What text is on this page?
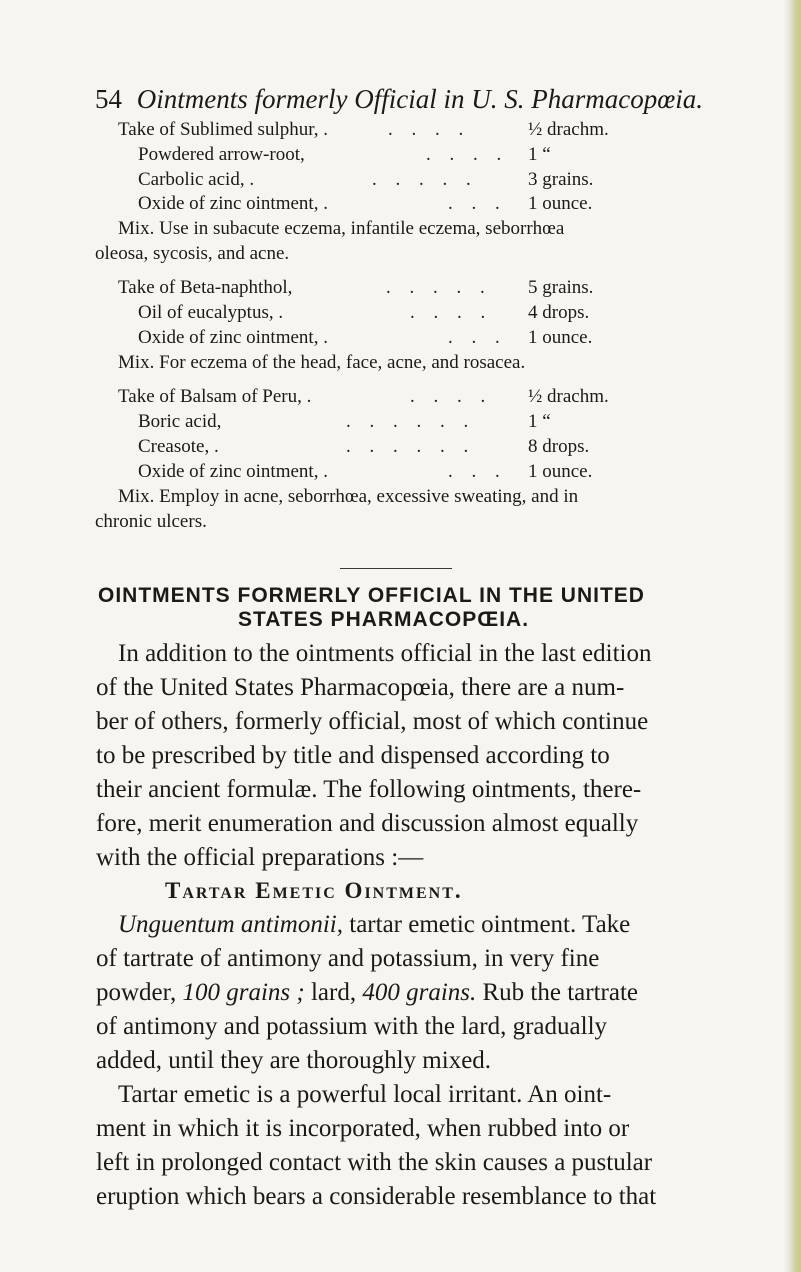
54 Ointments formerly Official in U. S. Pharmacopœia.
Take of Sublimed sulphur, .	. . . .	½ drachm.
Powdered arrow-root,	. . . . 1 “
Carbolic acid, .	. . . . .	3 grains.
Oxide of zinc ointment, .	. . . 1 ounce.
Mix. Use in subacute eczema, infantile eczema, seborrhœa
oleosa, sycosis, and acne.
Take of Beta-naphthol,	. . . . . 5 grains.
Oil of eucalyptus, .	. . . . 4 drops.
Oxide of zinc ointment, .	. . . 1 ounce.
Mix. For eczema of the head, face, acne, and rosacea.
Take of Balsam of Peru, .	. . . . ½ drachm.
Boric acid,	. . . . . .	1 “
Creasote, .	. . . . . .	8 drops.
Oxide of zinc ointment, .	. . . 1 ounce.
Mix. Employ in acne, seborrhœa, excessive sweating, and in
chronic ulcers.
OINTMENTS FORMERLY OFFICIAL IN THE UNITED
STATES PHARMACOPŒIA.
In addition to the ointments official in the last edition
of the United States Pharmacopœia, there are a num-
ber of others, formerly official, most of which continue
to be prescribed by title and dispensed according to
their ancient formulæ. The following ointments, there-
fore, merit enumeration and discussion almost equally
with the official preparations :—
Tartar Emetic Ointment.
Unguentum antimonii, tartar emetic ointment. Take
of tartrate of antimony and potassium, in very fine
powder, 100 grains ; lard, 400 grains. Rub the tartrate
of antimony and potassium with the lard, gradually
added, until they are thoroughly mixed.
Tartar emetic is a powerful local irritant. An oint-
ment in which it is incorporated, when rubbed into or
left in prolonged contact with the skin causes a pustular
eruption which bears a considerable resemblance to that
